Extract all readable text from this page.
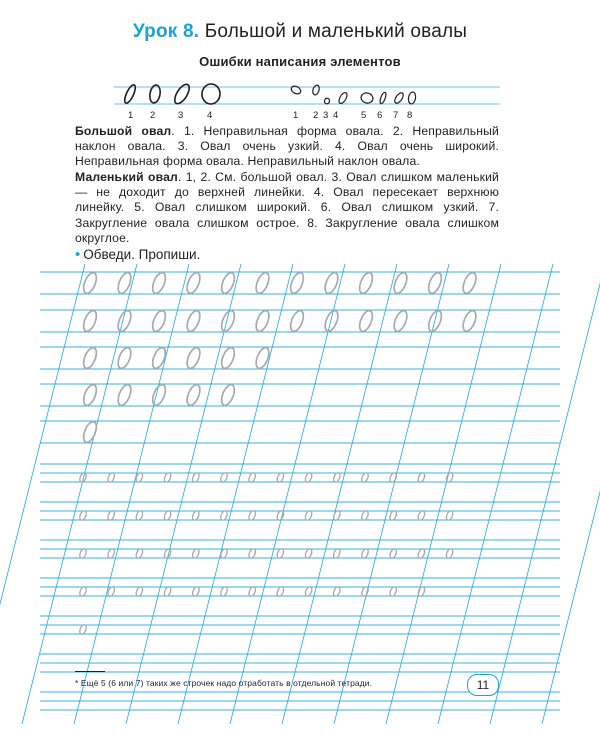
Урок 8. Большой и маленький овалы
Ошибки написания элементов
1 2 3 4	1 2 3 4 5 6 7 8
Большой овал. 1. Неправильная форма овала. 2. Неправильный наклон овала. 3. Овал очень узкий. 4. Овал очень широкий. Неправильная форма овала. Неправильный наклон овала.
Маленький овал. 1, 2. См. большой овал. 3. Овал слишком маленький — не доходит до верхней линейки. 4. Овал пересекает верхнюю линейку. 5. Овал слишком широкий. 6. Овал слишком узкий. 7. Закругление овала слишком острое. 8. Закругление овала слишком округлое.
• Обведи. Пропиши.
* Ещё 5 (6 или 7) таких же строчек надо отработать в отдельной тетради.	11
